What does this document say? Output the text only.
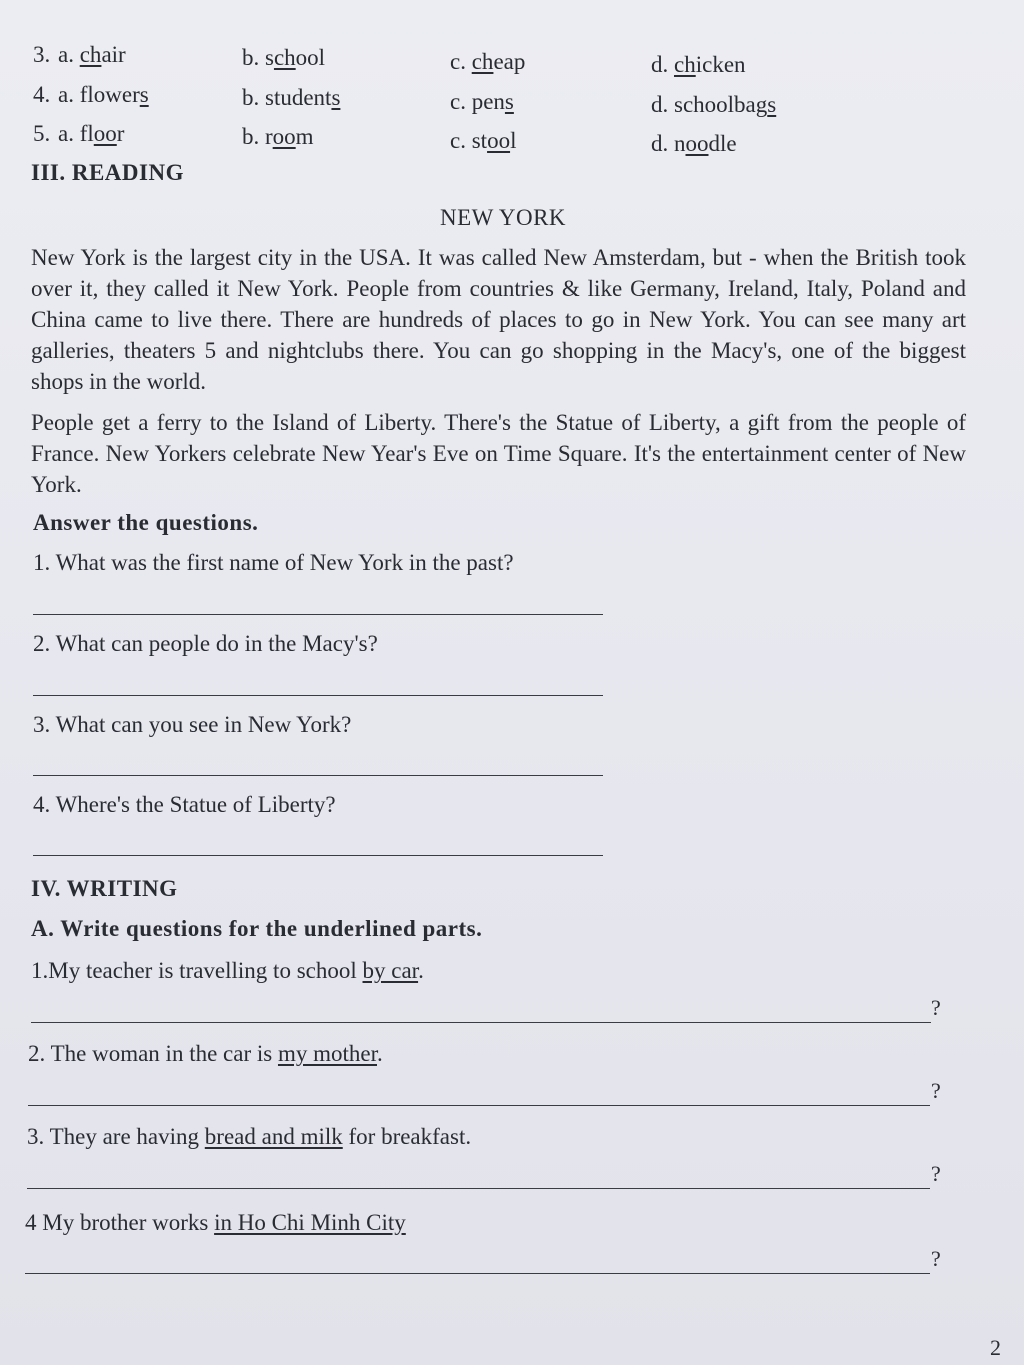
3. a. chair	b. school	c. cheap	d. chicken
4. a. flowers	b. students	c. pens	d. schoolbags
5. a. floor	b. room	c. stool	d. noodle
III. READING
NEW YORK
New York is the largest city in the USA. It was called New Amsterdam, but - when the British took over it, they called it New York. People from countries & like Germany, Ireland, Italy, Poland and China came to live there. There are hundreds of places to go in New York. You can see many art galleries, theaters 5 and nightclubs there. You can go shopping in the Macy's, one of the biggest shops in the world.
People get a ferry to the Island of Liberty. There's the Statue of Liberty, a gift from the people of France. New Yorkers celebrate New Year's Eve on Time Square. It's the entertainment center of New York.
Answer the questions.
1. What was the first name of New York in the past?
2. What can people do in the Macy's?
3. What can you see in New York?
4. Where's the Statue of Liberty?
IV. WRITING
A. Write questions for the underlined parts.
1.My teacher is travelling to school by car.
?
2. The woman in the car is my mother.
?
3. They are having bread and milk for breakfast.
?
4 My brother works in Ho Chi Minh City
?
2
